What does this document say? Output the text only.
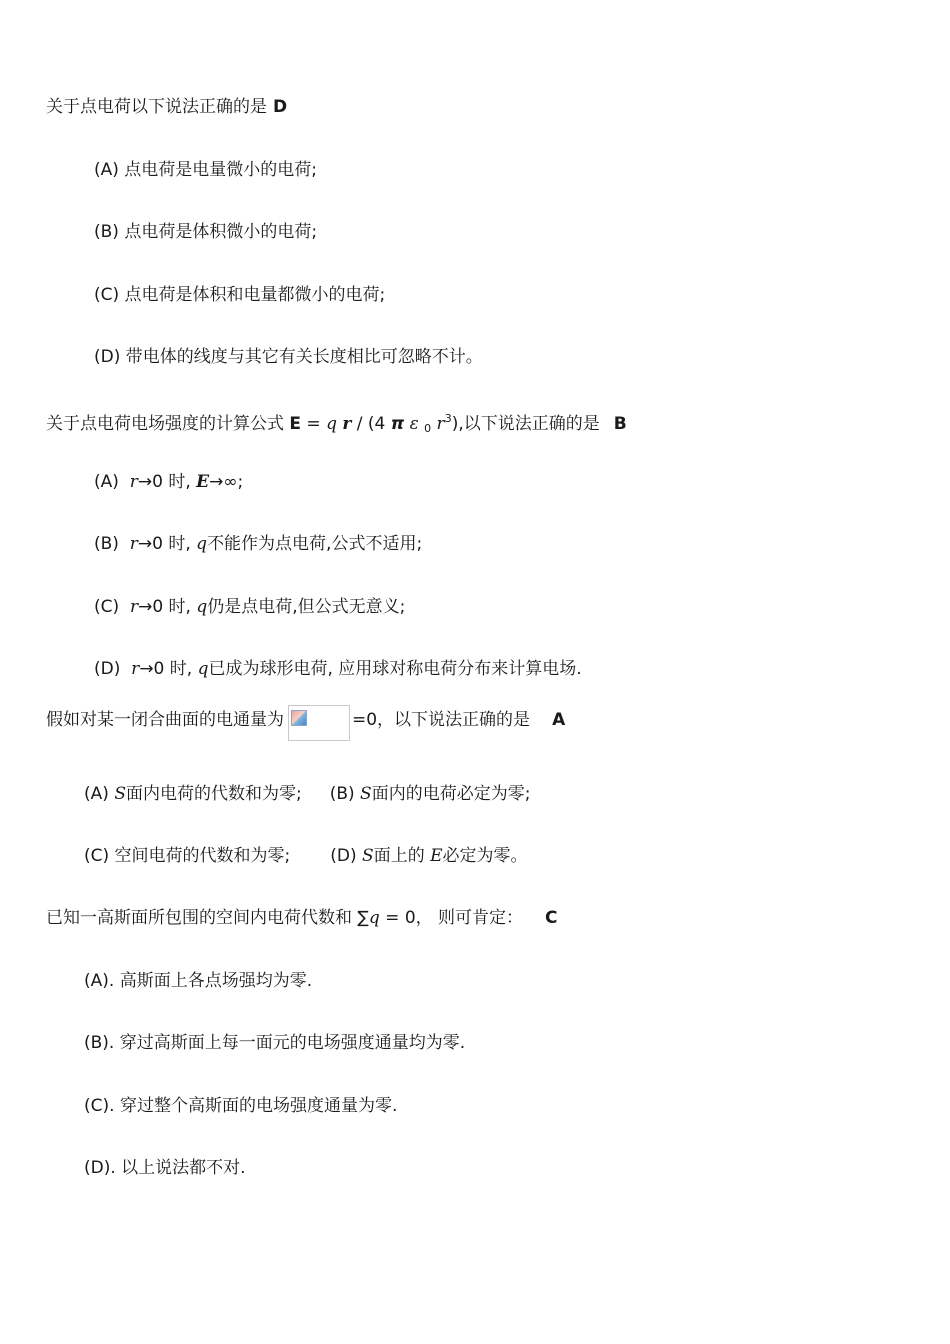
关于点电荷以下说法正确的是 D
(A) 点电荷是电量微小的电荷;
(B) 点电荷是体积微小的电荷;
(C) 点电荷是体积和电量都微小的电荷;
(D) 带电体的线度与其它有关长度相比可忽略不计。
关于点电荷电场强度的计算公式 E = q r / (4 π ε $_0$ $r^3$),以下说法正确的是 B
(A) r→0 时, E→∞;
(B) r→0 时, q不能作为点电荷,公式不适用;
(C) r→0 时, q仍是点电荷,但公式无意义;
(D) r→0 时, q已成为球形电荷, 应用球对称电荷分布来计算电场.
假如对某一闭合曲面的电通量为	=0，以下说法正确的是 A
(A) S面内电荷的代数和为零; (B) S面内的电荷必定为零;
(C) 空间电荷的代数和为零; (D) S面上的 E必定为零。
已知一高斯面所包围的空间内电荷代数和 ∑q = 0， 则可肯定： C
(A). 高斯面上各点场强均为零.
(B). 穿过高斯面上每一面元的电场强度通量均为零.
(C). 穿过整个高斯面的电场强度通量为零.
(D). 以上说法都不对.
